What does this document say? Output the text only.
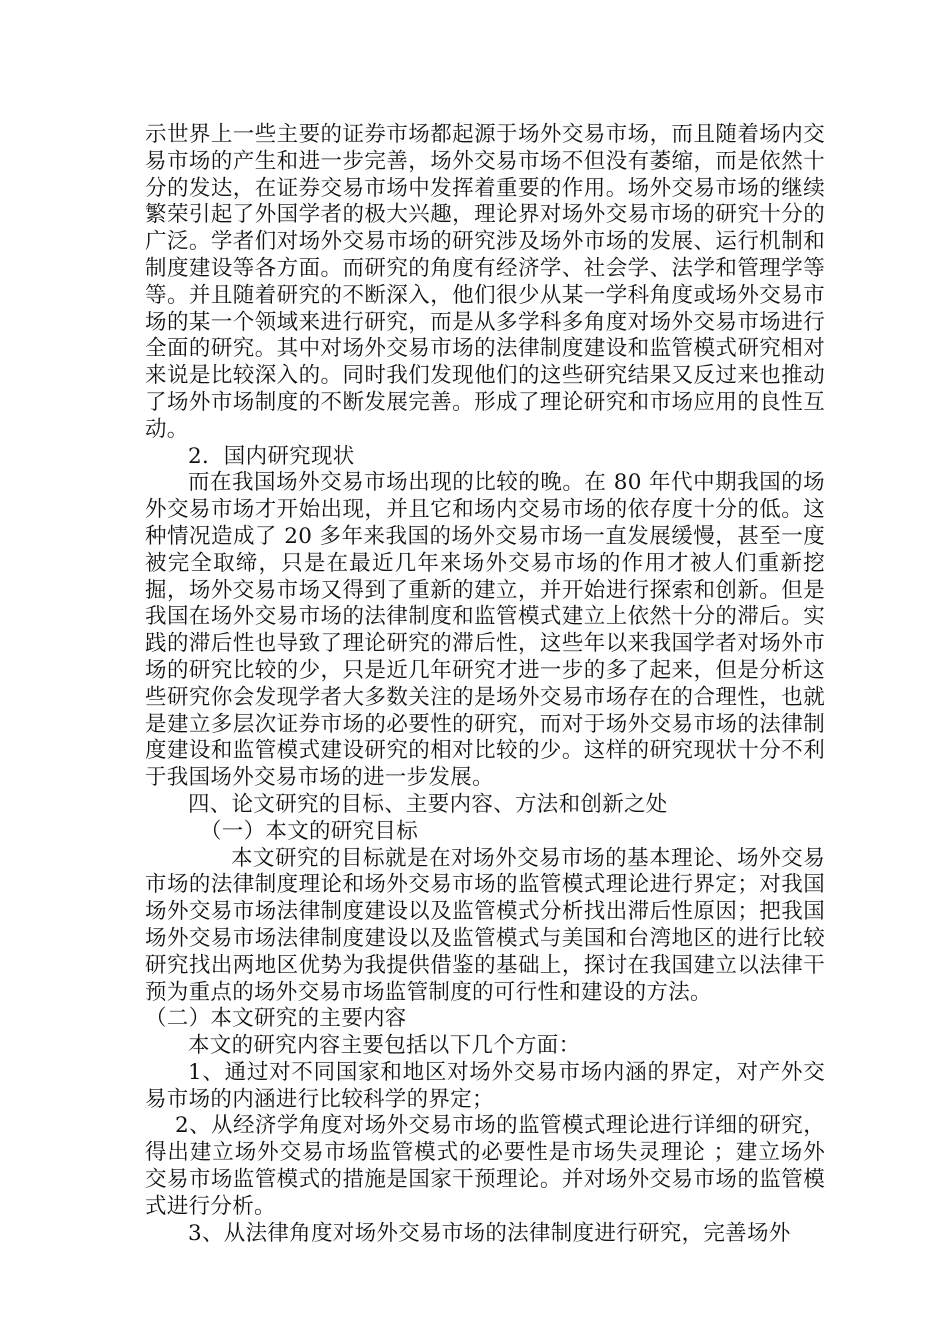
示世界上一些主要的证券市场都起源于场外交易市场，而且随着场内交易市场的产生和进一步完善，场外交易市场不但没有萎缩，而是依然十分的发达，在证券交易市场中发挥着重要的作用。场外交易市场的继续繁荣引起了外国学者的极大兴趣，理论界对场外交易市场的研究十分的广泛。学者们对场外交易市场的研究涉及场外市场的发展、运行机制和制度建设等各方面。而研究的角度有经济学、社会学、法学和管理学等等。并且随着研究的不断深入，他们很少从某一学科角度或场外交易市场的某一个领域来进行研究，而是从多学科多角度对场外交易市场进行全面的研究。其中对场外交易市场的法律制度建设和监管模式研究相对来说是比较深入的。同时我们发现他们的这些研究结果又反过来也推动了场外市场制度的不断发展完善。形成了理论研究和市场应用的良性互动。

2．国内研究现状

而在我国场外交易市场出现的比较的晚。在 80 年代中期我国的场外交易市场才开始出现，并且它和场内交易市场的依存度十分的低。这种情况造成了 20 多年来我国的场外交易市场一直发展缓慢，甚至一度被完全取缔，只是在最近几年来场外交易市场的作用才被人们重新挖掘，场外交易市场又得到了重新的建立，并开始进行探索和创新。但是我国在场外交易市场的法律制度和监管模式建立上依然十分的滞后。实践的滞后性也导致了理论研究的滞后性，这些年以来我国学者对场外市场的研究比较的少，只是近几年研究才进一步的多了起来，但是分析这些研究你会发现学者大多数关注的是场外交易市场存在的合理性，也就是建立多层次证券市场的必要性的研究，而对于场外交易市场的法律制度建设和监管模式建设研究的相对比较的少。这样的研究现状十分不利于我国场外交易市场的进一步发展。

四、论文研究的目标、主要内容、方法和创新之处

（一）本文的研究目标

本文研究的目标就是在对场外交易市场的基本理论、场外交易市场的法律制度理论和场外交易市场的监管模式理论进行界定；对我国场外交易市场法律制度建设以及监管模式分析找出滞后性原因；把我国场外交易市场法律制度建设以及监管模式与美国和台湾地区的进行比较研究找出两地区优势为我提供借鉴的基础上，探讨在我国建立以法律干预为重点的场外交易市场监管制度的可行性和建设的方法。

（二）本文研究的主要内容

本文的研究内容主要包括以下几个方面：

1、通过对不同国家和地区对场外交易市场内涵的界定，对产外交易市场的内涵进行比较科学的界定；

2、从经济学角度对场外交易市场的监管模式理论进行详细的研究，得出建立场外交易市场监管模式的必要性是市场失灵理论 ；建立场外交易市场监管模式的措施是国家干预理论。并对场外交易市场的监管模式进行分析。

3、从法律角度对场外交易市场的法律制度进行研究，完善场外
